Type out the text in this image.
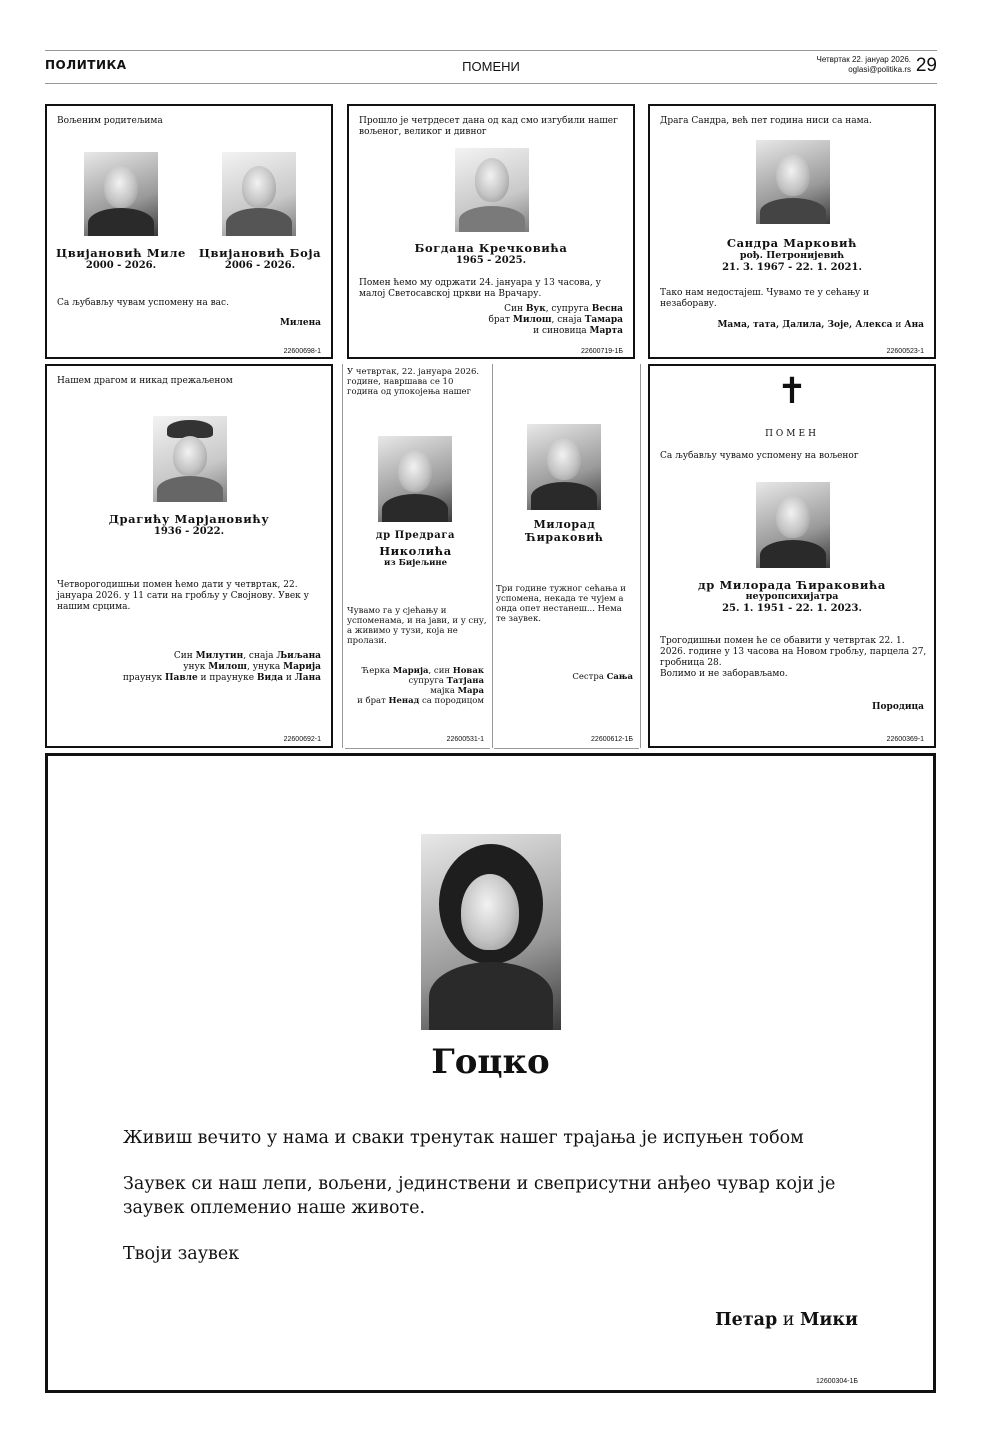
ПОЛИТИКА	ПОМЕНИ	Четвртак 22. јануар 2026.
oglasi@politika.rs 29
Вољеним родитељима
Цвијановић Миле
2000 - 2026.
Цвијановић Боја
2006 - 2026.
Са љубављу чувам успомену на вас.
Милена
22600698-1
Прошло је четрдесет дана од кад смо изгубили нашег вољеног, великог и дивног
Богдана Кречковића
1965 - 2025.
Помен ћемо му одржати 24. јануара у 13 часова, у малој Светосавској цркви на Врачару.
Син Вук, супруга Весна
брат Милош, снаја Тамара
и синовица Марта
22600719-1Б
Драга Сандра, већ пет година ниси са нама.
Сандра Марковић
рођ. Петронијевић
21. 3. 1967 - 22. 1. 2021.
Тако нам недостајеш. Чувамо те у сећању и незабораву.
Мама, тата, Далила, Зоје, Алекса и Ана
22600523-1
Нашем драгом и никад прежаљеном
Драгићу Марјановићу
1936 - 2022.
Четворогодишњи помен ћемо дати у четвртак, 22. јануара 2026. у 11 сати на гробљу у Својнову. Увек у нашим срцима.
Син Милутин, снаја Љиљана
унук Милош, унука Марија
праунук Павле и праунуке Вида и Лана
22600692-1
У четвртак, 22. јануара 2026. године, навршава се 10 година од упокојења нашег
др Предрага
Николића
из Бијељине
Чувамо га у сјећању и успоменама, и на јави, и у сну, а живимо у тузи, која не пролази.
Ћерка Марија, син Новак
супруга Татјана
мајка Мара
и брат Ненад са породицом
22600531-1
Милорад Ћираковић
Три године тужног сећања и успомена, некада те чујем а онда опет нестанеш... Нема те заувек.
Сестра Сања
22600612-1Б
✝
ПОМЕН
Са љубављу чувамо успомену на вољеног
др Милорада Ћираковића
неуропсихијатра
25. 1. 1951 - 22. 1. 2023.
Трогодишњи помен ће се обавити у четвртак 22. 1. 2026. године у 13 часова на Новом гробљу, парцела 27, гробница 28.
Волимо и не заборављамо.
Породица
22600369-1
Гоцко
Живиш вечито у нама и сваки тренутак нашег трајања је испуњен тобом
Заувек си наш лепи, вољени, јединствени и свеприсутни анђео чувар који је заувек оплеменио наше животе.
Твоји заувек
Петар и Мики
12600304-1Б
